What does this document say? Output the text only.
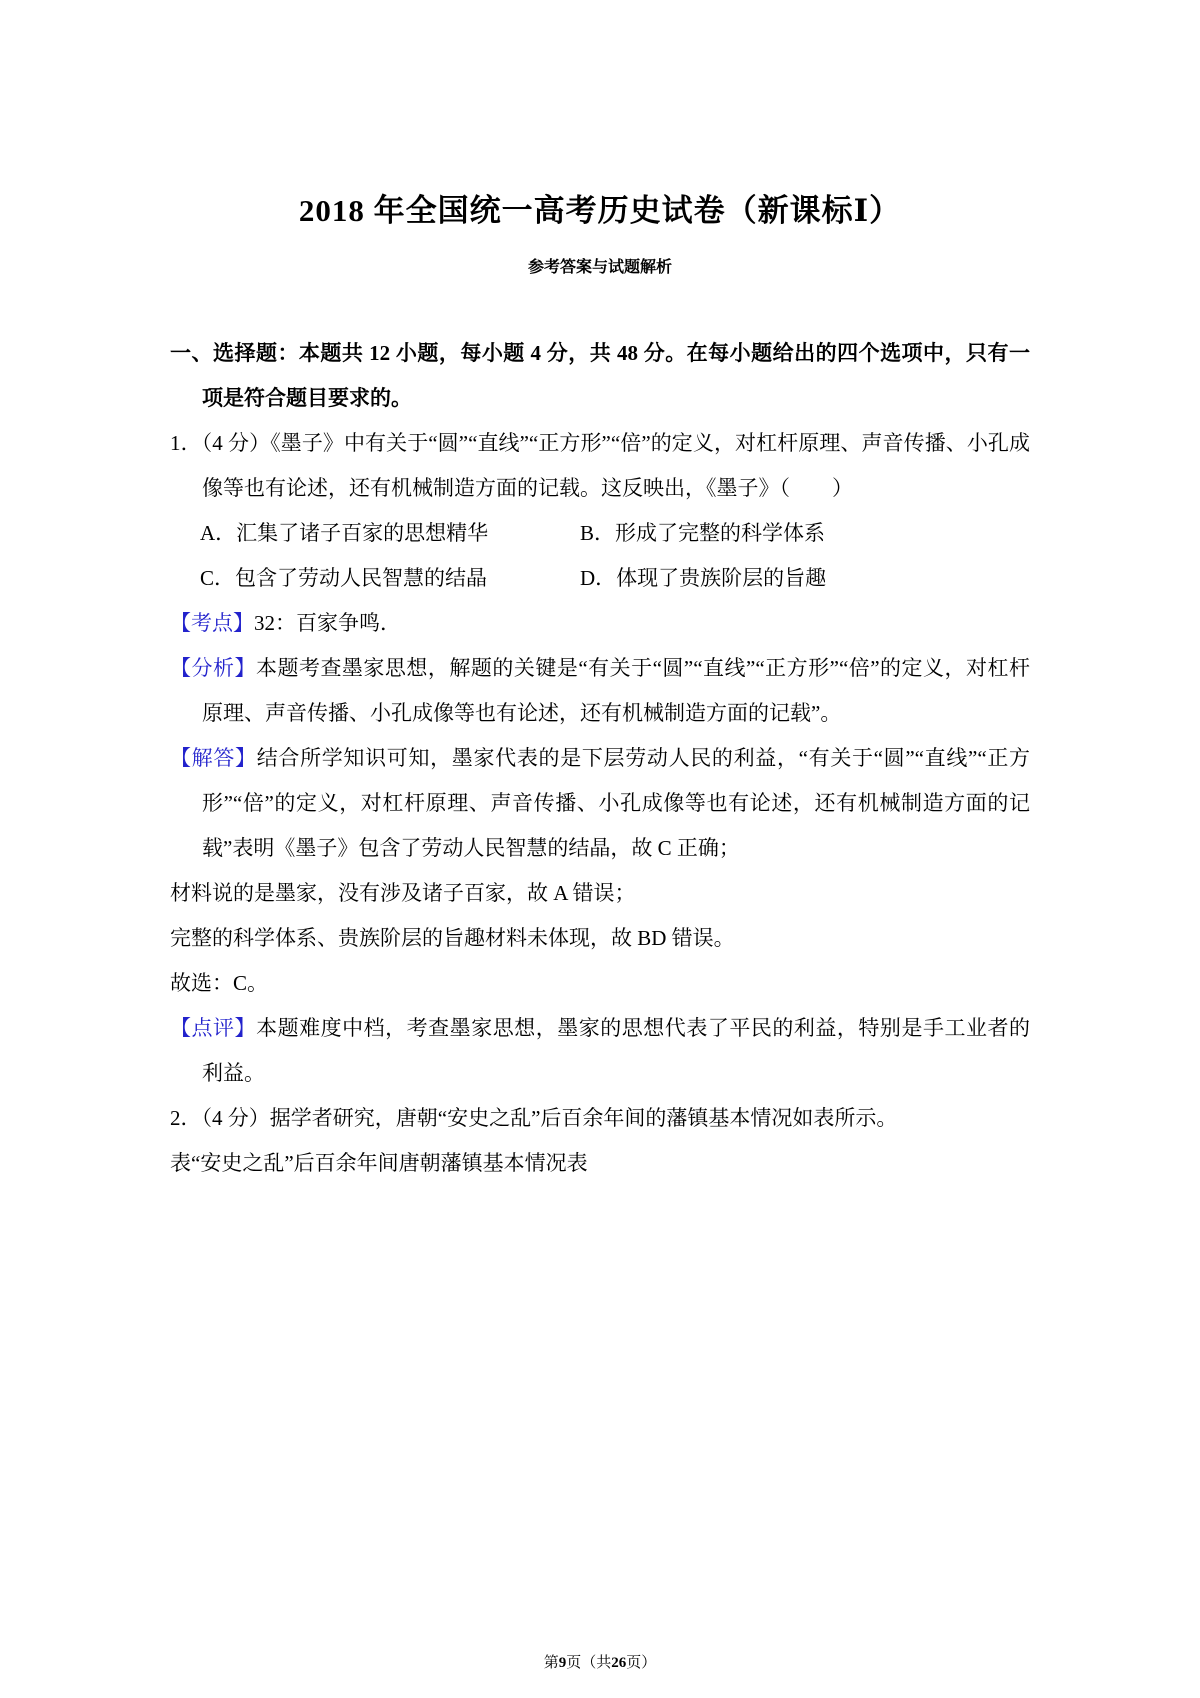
2018 年全国统一高考历史试卷（新课标Ⅰ）
参考答案与试题解析

一、选择题：本题共 12 小题，每小题 4 分，共 48 分。在每小题给出的四个选项中，只有一项是符合题目要求的。

1．（4 分）《墨子》中有关于“圆”“直线”“正方形”“倍”的定义，对杠杆原理、声音传播、小孔成像等也有论述，还有机械制造方面的记载。这反映出，《墨子》（　　）

A．汇集了诸子百家的思想精华	B．形成了完整的科学体系
C．包含了劳动人民智慧的结晶	D．体现了贵族阶层的旨趣

【考点】32：百家争鸣．

【分析】本题考查墨家思想，解题的关键是“有关于“圆”“直线”“正方形”“倍”的定义，对杠杆原理、声音传播、小孔成像等也有论述，还有机械制造方面的记载”。

【解答】结合所学知识可知，墨家代表的是下层劳动人民的利益，“有关于“圆”“直线”“正方形”“倍”的定义，对杠杆原理、声音传播、小孔成像等也有论述，还有机械制造方面的记载”表明《墨子》包含了劳动人民智慧的结晶，故 C 正确；

材料说的是墨家，没有涉及诸子百家，故 A 错误；

完整的科学体系、贵族阶层的旨趣材料未体现，故 BD 错误。

故选：C。

【点评】本题难度中档，考查墨家思想，墨家的思想代表了平民的利益，特别是手工业者的利益。

2．（4 分）据学者研究，唐朝“安史之乱”后百余年间的藩镇基本情况如表所示。

表“安史之乱”后百余年间唐朝藩镇基本情况表

第9页（共26页）
